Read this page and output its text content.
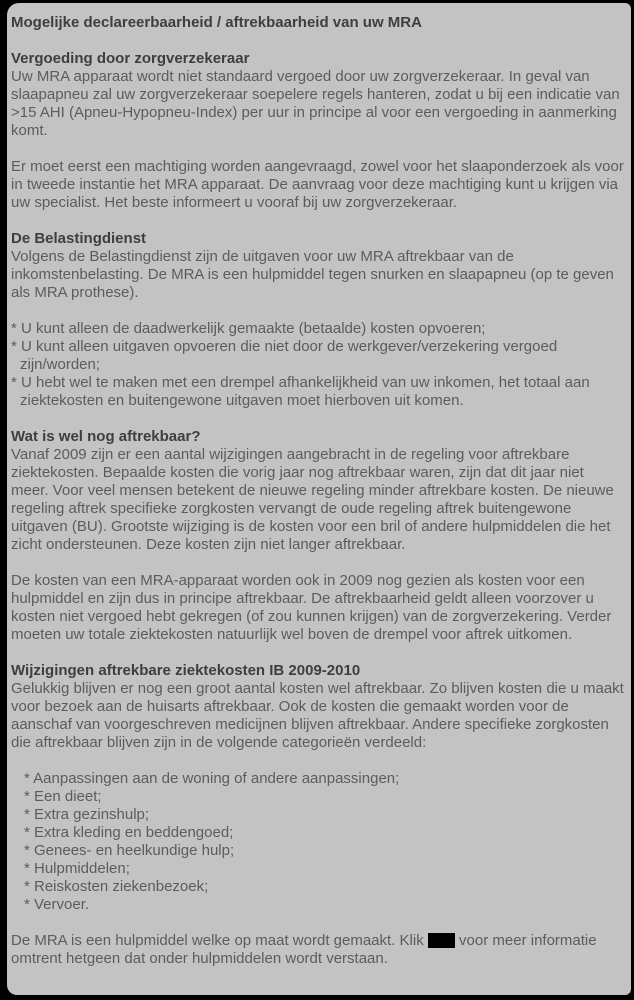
Mogelijke declareerbaarheid / aftrekbaarheid van uw MRA
Vergoeding door zorgverzekeraar

Uw MRA apparaat wordt niet standaard vergoed door uw zorgverzekeraar. In geval van slaapapneu zal uw zorgverzekeraar soepelere regels hanteren, zodat u bij een indicatie van >15 AHI (Apneu-Hypopneu-Index) per uur in principe al voor een vergoeding in aanmerking komt.

Er moet eerst een machtiging worden aangevraagd, zowel voor het slaaponderzoek als voor in tweede instantie het MRA apparaat. De aanvraag voor deze machtiging kunt u krijgen via uw specialist. Het beste informeert u vooraf bij uw zorgverzekeraar.

De Belastingdienst

Volgens de Belastingdienst zijn de uitgaven voor uw MRA aftrekbaar van de inkomstenbelasting. De MRA is een hulpmiddel tegen snurken en slaapapneu (op te geven als MRA prothese).

* U kunt alleen de daadwerkelijk gemaakte (betaalde) kosten opvoeren;
* U kunt alleen uitgaven opvoeren die niet door de werkgever/verzekering vergoed zijn/worden;
* U hebt wel te maken met een drempel afhankelijkheid van uw inkomen, het totaal aan ziektekosten en buitengewone uitgaven moet hierboven uit komen.
Wat is wel nog aftrekbaar?

Vanaf 2009 zijn er een aantal wijzigingen aangebracht in de regeling voor aftrekbare ziektekosten. Bepaalde kosten die vorig jaar nog aftrekbaar waren, zijn dat dit jaar niet meer. Voor veel mensen betekent de nieuwe regeling minder aftrekbare kosten. De nieuwe regeling aftrek specifieke zorgkosten vervangt de oude regeling aftrek buitengewone uitgaven (BU). Grootste wijziging is de kosten voor een bril of andere hulpmiddelen die het zicht ondersteunen. Deze kosten zijn niet langer aftrekbaar.

De kosten van een MRA-apparaat worden ook in 2009 nog gezien als kosten voor een hulpmiddel en zijn dus in principe aftrekbaar. De aftrekbaarheid geldt alleen voorzover u kosten niet vergoed hebt gekregen (of zou kunnen krijgen) van de zorgverzekering. Verder moeten uw totale ziektekosten natuurlijk wel boven de drempel voor aftrek uitkomen.

Wijzigingen aftrekbare ziektekosten IB 2009-2010

Gelukkig blijven er nog een groot aantal kosten wel aftrekbaar. Zo blijven kosten die u maakt voor bezoek aan de huisarts aftrekbaar. Ook de kosten die gemaakt worden voor de aanschaf van voorgeschreven medicijnen blijven aftrekbaar. Andere specifieke zorgkosten die aftrekbaar blijven zijn in de volgende categorieën verdeeld:

* Aanpassingen aan de woning of andere aanpassingen;
* Een dieet;
* Extra gezinshulp;
* Extra kleding en beddengoed;
* Genees- en heelkundige hulp;
* Hulpmiddelen;
* Reiskosten ziekenbezoek;
* Vervoer.

De MRA is een hulpmiddel welke op maat wordt gemaakt. Klik voor meer informatie omtrent hetgeen dat onder hulpmiddelen wordt verstaan.
